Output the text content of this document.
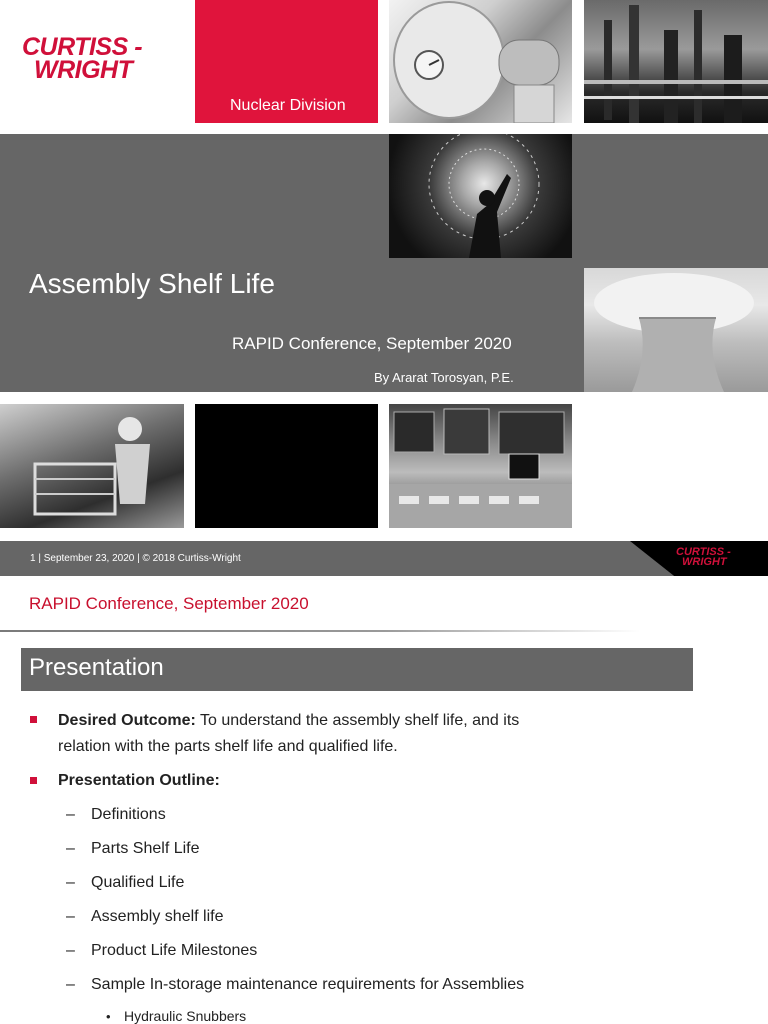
CURTISS -
WRIGHT
Nuclear Division
Assembly Shelf Life
RAPID Conference, September 2020
By Ararat Torosyan, P.E.
1 | September 23, 2020 | © 2018 Curtiss-Wright
CURTISS -
WRIGHT
RAPID Conference, September 2020
Presentation
Desired Outcome: To understand the assembly shelf life, and its
relation with the parts shelf life and qualified life.
Presentation Outline:
– Definitions
– Parts Shelf Life
– Qualified Life
– Assembly shelf life
– Product Life Milestones
– Sample In-storage maintenance requirements for Assemblies
• Hydraulic Snubbers
